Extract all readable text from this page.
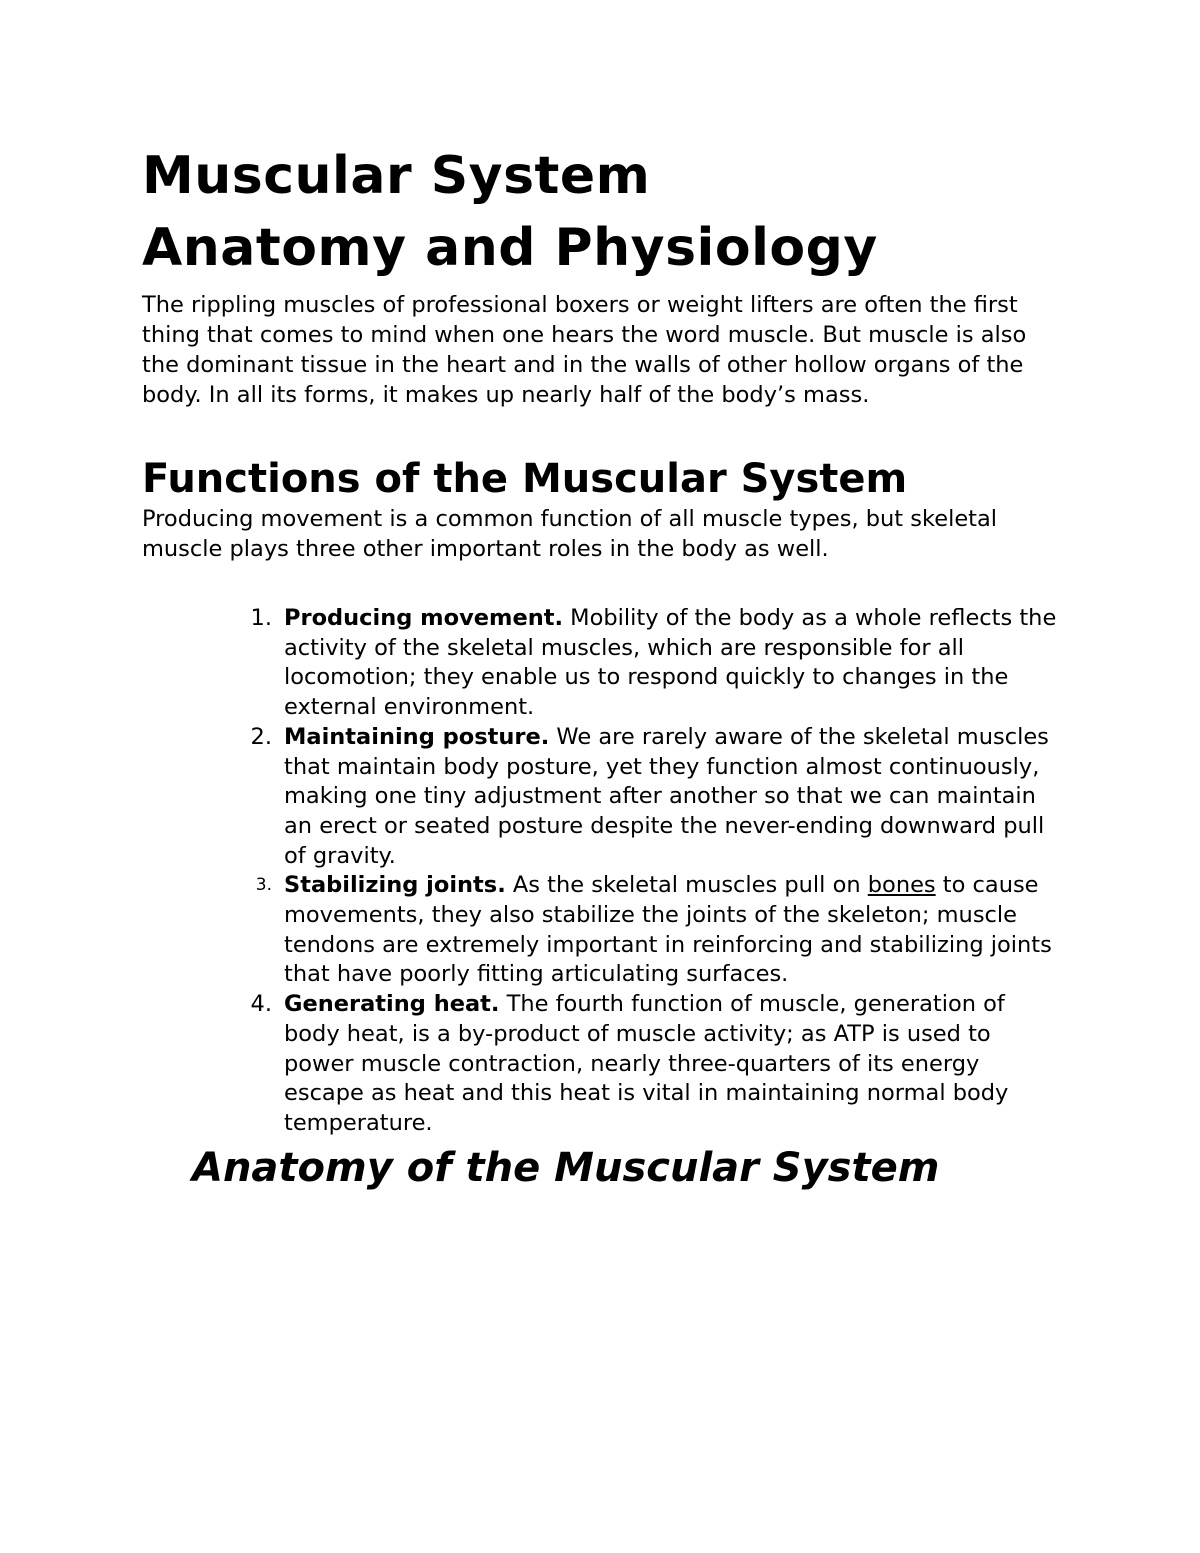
Muscular System
Anatomy and Physiology

The rippling muscles of professional boxers or weight lifters are often the first thing that comes to mind when one hears the word muscle. But muscle is also the dominant tissue in the heart and in the walls of other hollow organs of the body. In all its forms, it makes up nearly half of the body’s mass.

Functions of the Muscular System

Producing movement is a common function of all muscle types, but skeletal muscle plays three other important roles in the body as well.

1. Producing movement. Mobility of the body as a whole reflects the activity of the skeletal muscles, which are responsible for all locomotion; they enable us to respond quickly to changes in the external environment.
2. Maintaining posture. We are rarely aware of the skeletal muscles that maintain body posture, yet they function almost continuously, making one tiny adjustment after another so that we can maintain an erect or seated posture despite the never-ending downward pull of gravity.
3. Stabilizing joints. As the skeletal muscles pull on bones to cause movements, they also stabilize the joints of the skeleton; muscle tendons are extremely important in reinforcing and stabilizing joints that have poorly fitting articulating surfaces.
4. Generating heat. The fourth function of muscle, generation of body heat, is a by-product of muscle activity; as ATP is used to power muscle contraction, nearly three-quarters of its energy escape as heat and this heat is vital in maintaining normal body temperature.
Anatomy of the Muscular System
